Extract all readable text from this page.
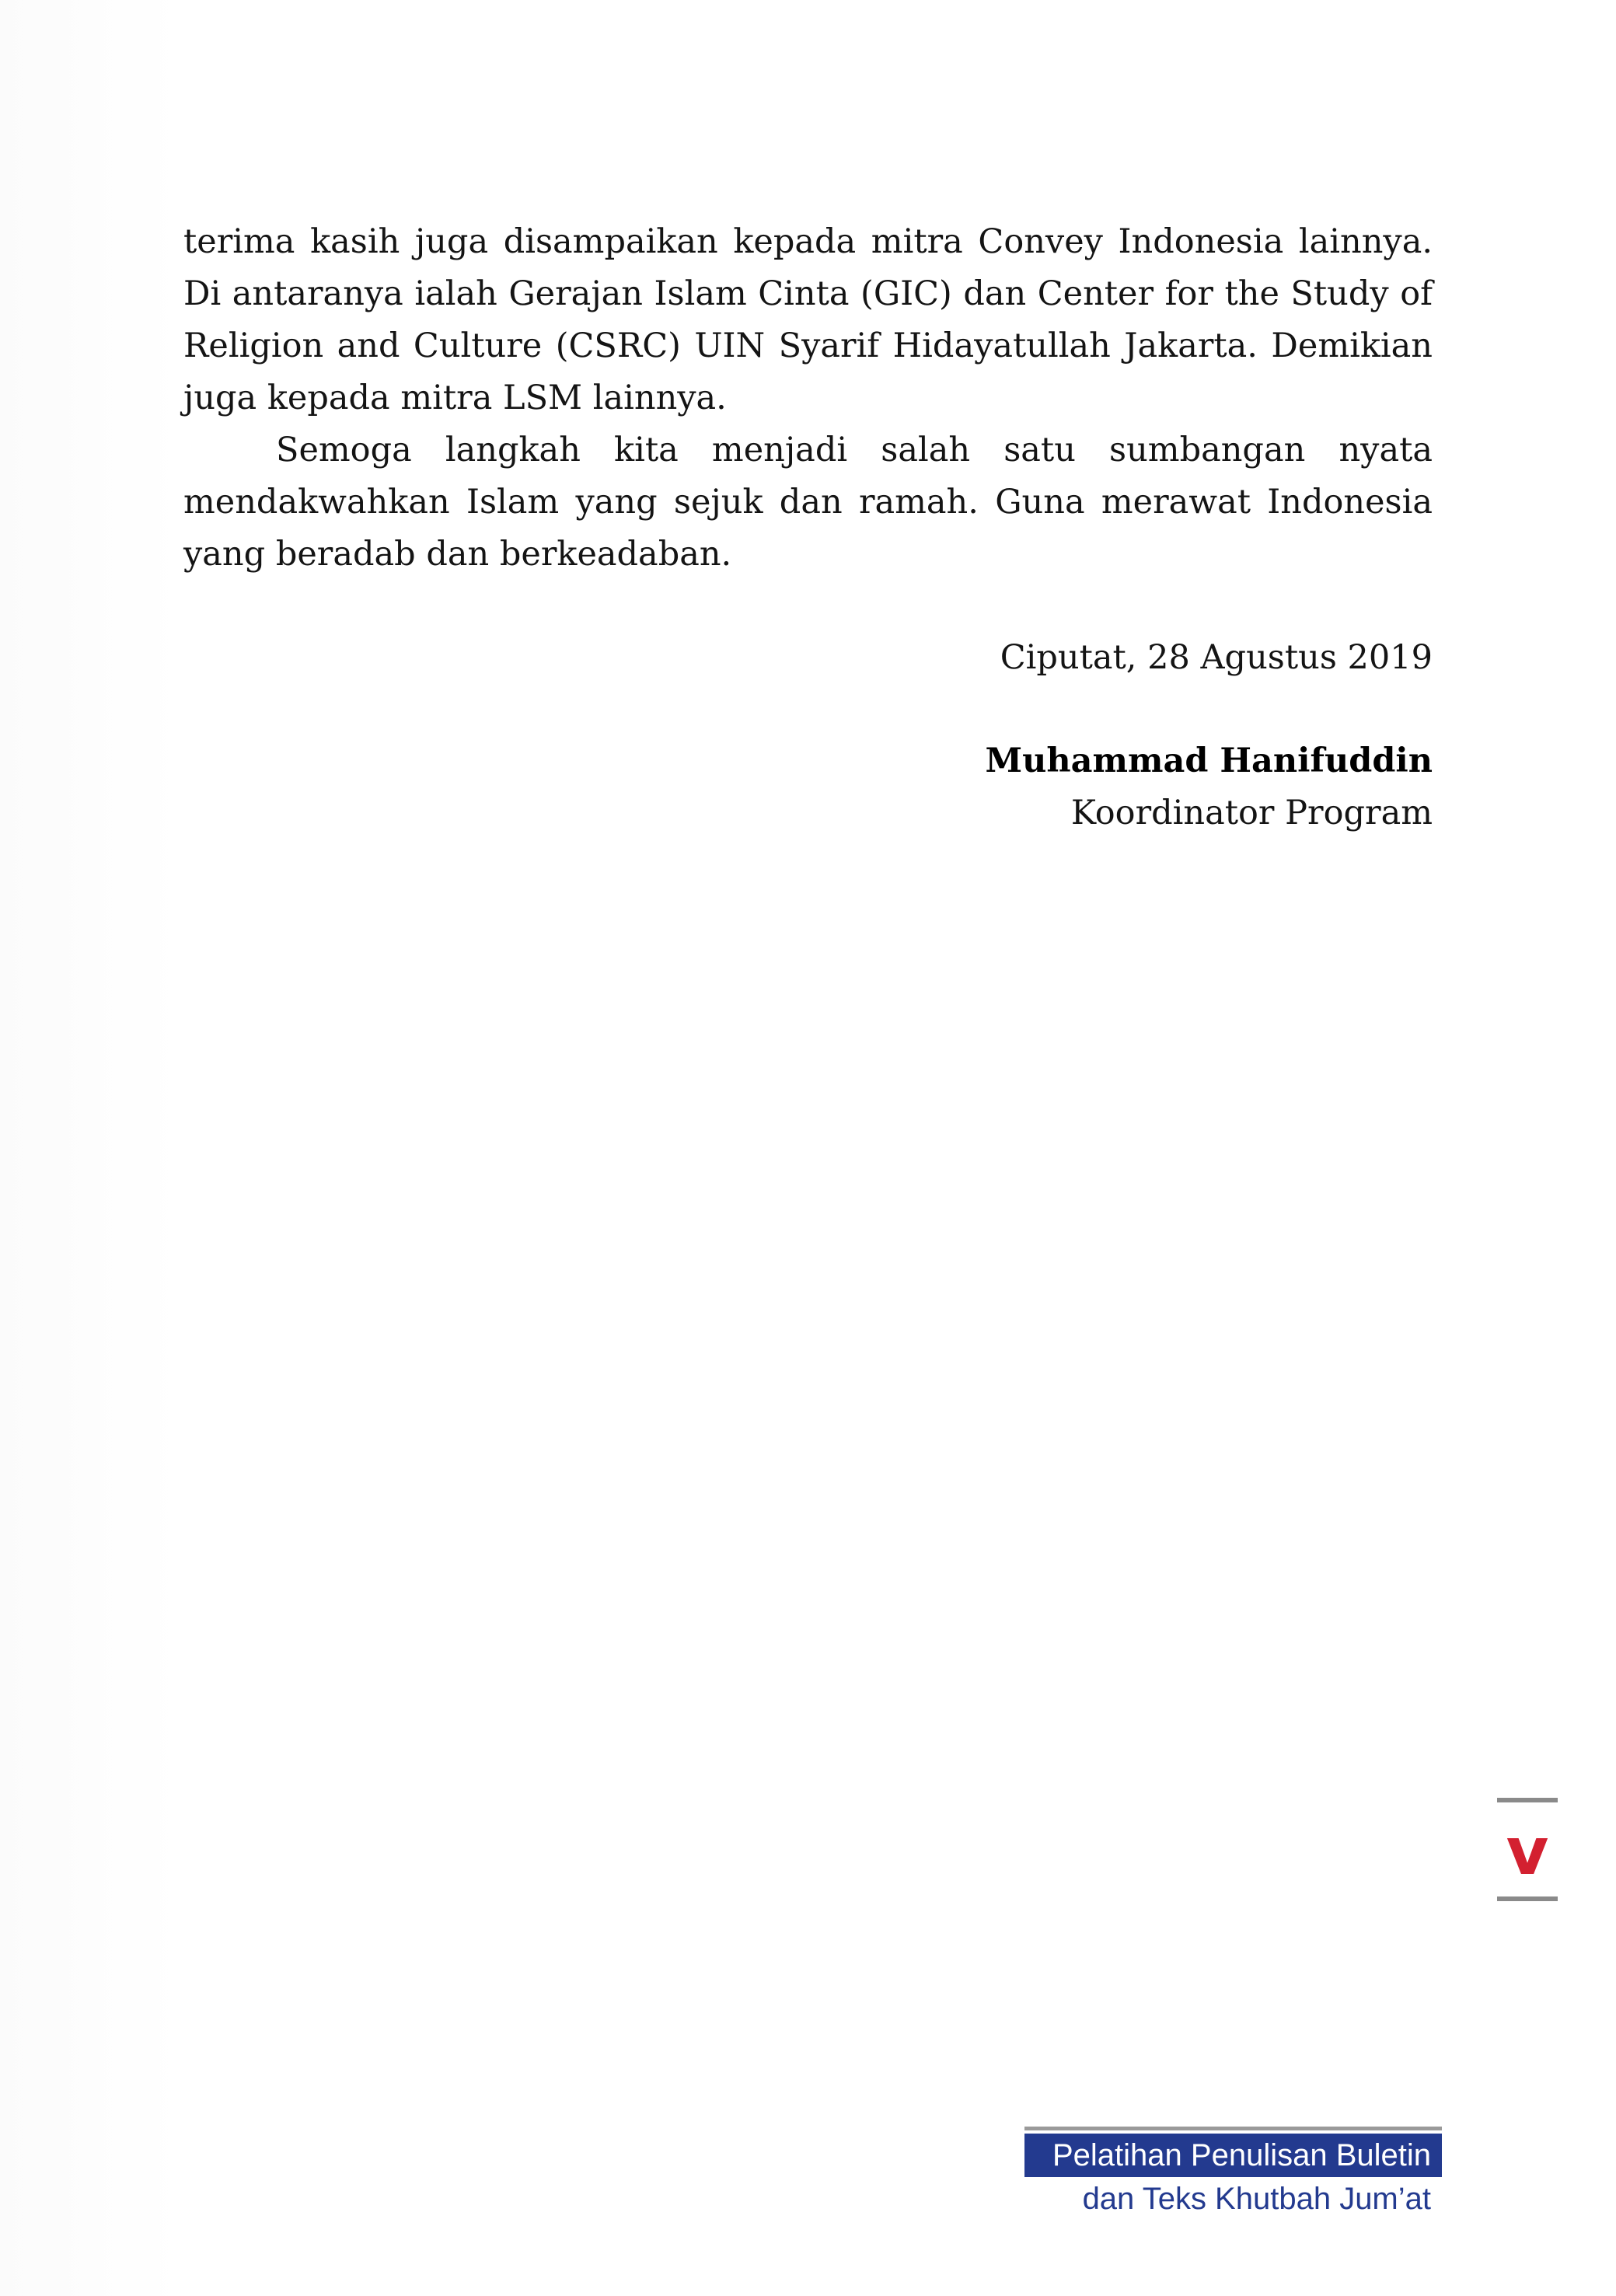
terima kasih juga disampaikan kepada mitra Convey Indonesia lainnya. Di antaranya ialah Gerajan Islam Cinta (GIC) dan Center for the Study of Religion and Culture (CSRC) UIN Syarif Hidayatullah Jakarta. Demikian juga kepada mitra LSM lainnya.

Semoga langkah kita menjadi salah satu sumbangan nyata mendakwahkan Islam yang sejuk dan ramah. Guna merawat Indonesia yang beradab dan berkeadaban.

Ciputat, 28 Agustus 2019

Muhammad Hanifuddin

Koordinator Program

v
Pelatihan Penulisan Buletin
dan Teks Khutbah Jum’at
